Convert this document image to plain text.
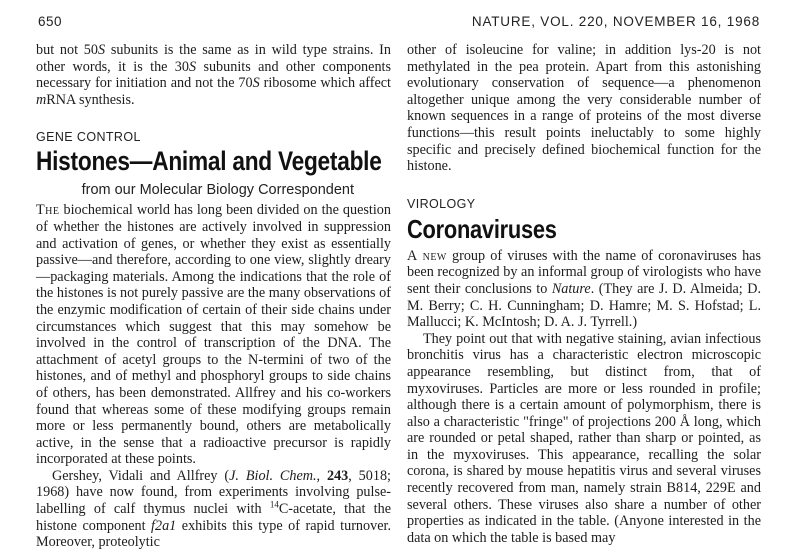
650	NATURE, VOL. 220, NOVEMBER 16, 1968

but not 50S subunits is the same as in wild type strains. In other words, it is the 30S subunits and other components necessary for initiation and not the 70S ribosome which affect mRNA synthesis.

GENE CONTROL
Histones—Animal and Vegetable
from our Molecular Biology Correspondent

The biochemical world has long been divided on the question of whether the histones are actively involved in suppression and activation of genes, or whether they exist as essentially passive—and therefore, according to one view, slightly dreary—packaging materials. Among the indications that the role of the histones is not purely passive are the many observations of the enzymic modification of certain of their side chains under circumstances which suggest that this may somehow be involved in the control of transcription of the DNA. The attachment of acetyl groups to the N-termini of two of the histones, and of methyl and phosphoryl groups to side chains of others, has been demonstrated. Allfrey and his co-workers found that whereas some of these modifying groups remain more or less permanently bound, others are metabolically active, in the sense that a radioactive precursor is rapidly incorporated at these points.

Gershey, Vidali and Allfrey (J. Biol. Chem., 243, 5018; 1968) have now found, from experiments involving pulse-labelling of calf thymus nuclei with $^{14}$C-acetate, that the histone component f2a1 exhibits this type of rapid turnover. Moreover, proteolytic

other of isoleucine for valine; in addition lys-20 is not methylated in the pea protein. Apart from this astonishing evolutionary conservation of sequence—a phenomenon altogether unique among the very considerable number of known sequences in a range of proteins of the most diverse functions—this result points ineluctably to some highly specific and precisely defined biochemical function for the histone.

VIROLOGY
Coronaviruses

A new group of viruses with the name of coronaviruses has been recognized by an informal group of virologists who have sent their conclusions to Nature. (They are J. D. Almeida; D. M. Berry; C. H. Cunningham; D. Hamre; M. S. Hofstad; L. Mallucci; K. McIntosh; D. A. J. Tyrrell.)

They point out that with negative staining, avian infectious bronchitis virus has a characteristic electron microscopic appearance resembling, but distinct from, that of myxoviruses. Particles are more or less rounded in profile; although there is a certain amount of polymorphism, there is also a characteristic "fringe" of projections 200 Å long, which are rounded or petal shaped, rather than sharp or pointed, as in the myxoviruses. This appearance, recalling the solar corona, is shared by mouse hepatitis virus and several viruses recently recovered from man, namely strain B814, 229E and several others. These viruses also share a number of other properties as indicated in the table. (Anyone interested in the data on which the table is based may
